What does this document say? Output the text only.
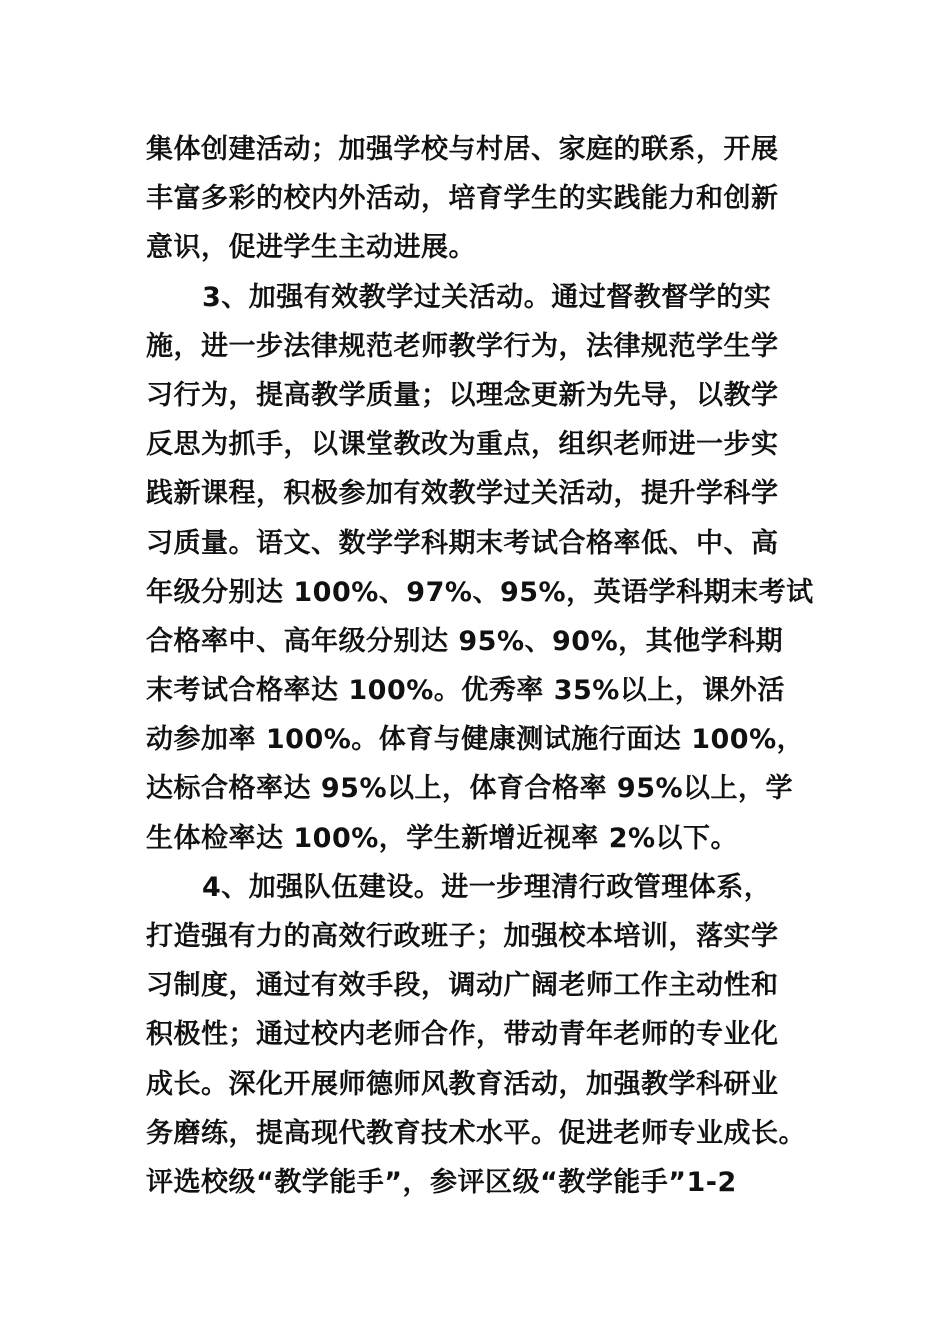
集体创建活动；加强学校与村居、家庭的联系，开展
丰富多彩的校内外活动，培育学生的实践能力和创新
意识，促进学生主动进展。
3、加强有效教学过关活动。通过督教督学的实
施，进一步法律规范老师教学行为，法律规范学生学
习行为，提高教学质量；以理念更新为先导，以教学
反思为抓手，以课堂教改为重点，组织老师进一步实
践新课程，积极参加有效教学过关活动，提升学科学
习质量。语文、数学学科期末考试合格率低、中、高
年级分别达 100%、97%、95%，英语学科期末考试
合格率中、高年级分别达 95%、90%，其他学科期
末考试合格率达 100%。优秀率 35%以上，课外活
动参加率 100%。体育与健康测试施行面达 100%，
达标合格率达 95%以上，体育合格率 95%以上，学
生体检率达 100%，学生新增近视率 2%以下。
4、加强队伍建设。进一步理清行政管理体系，
打造强有力的高效行政班子；加强校本培训，落实学
习制度，通过有效手段，调动广阔老师工作主动性和
积极性；通过校内老师合作，带动青年老师的专业化
成长。深化开展师德师风教育活动，加强教学科研业
务磨练，提高现代教育技术水平。促进老师专业成长。
评选校级“教学能手”，参评区级“教学能手”1-2
